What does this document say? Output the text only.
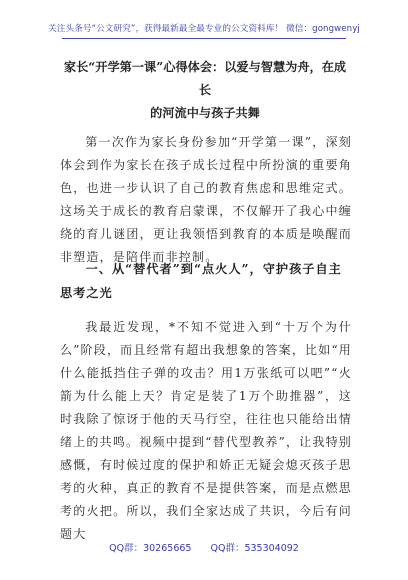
关注头条号“公文研究”，获得最新最全最专业的公文资料库！ 微信：gongwenyj
家长“开学第一课”心得体会：以爱与智慧为舟，在成长
的河流中与孩子共舞

第一次作为家长身份参加“开学第一课”，深刻体会到作为家长在孩子成长过程中所扮演的重要角色，也进一步认识了自己的教育焦虑和思维定式。这场关于成长的教育启蒙课，不仅解开了我心中缠绕的育儿谜团，更让我领悟到教育的本质是唤醒而非塑造，是陪伴而非控制。

一、从“替代者”到“点火人”，守护孩子自主思考之光

我最近发现，*不知不觉进入到“十万个为什么”阶段，而且经常有超出我想象的答案，比如“用什么能抵挡住子弹的攻击？用1万张纸可以吧”“火箭为什么能上天？肯定是装了1万个助推器”，这时我除了惊讶于他的天马行空，往往也只能给出情绪上的共鸣。视频中提到“替代型教养”，让我特别感慨，有时候过度的保护和娇正无疑会熄灭孩子思考的火种，真正的教育不是提供答案，而是点燃思考的火把。所以，我们全家达成了共识，今后有问题大

QQ群：30265665 QQ群：535304092
